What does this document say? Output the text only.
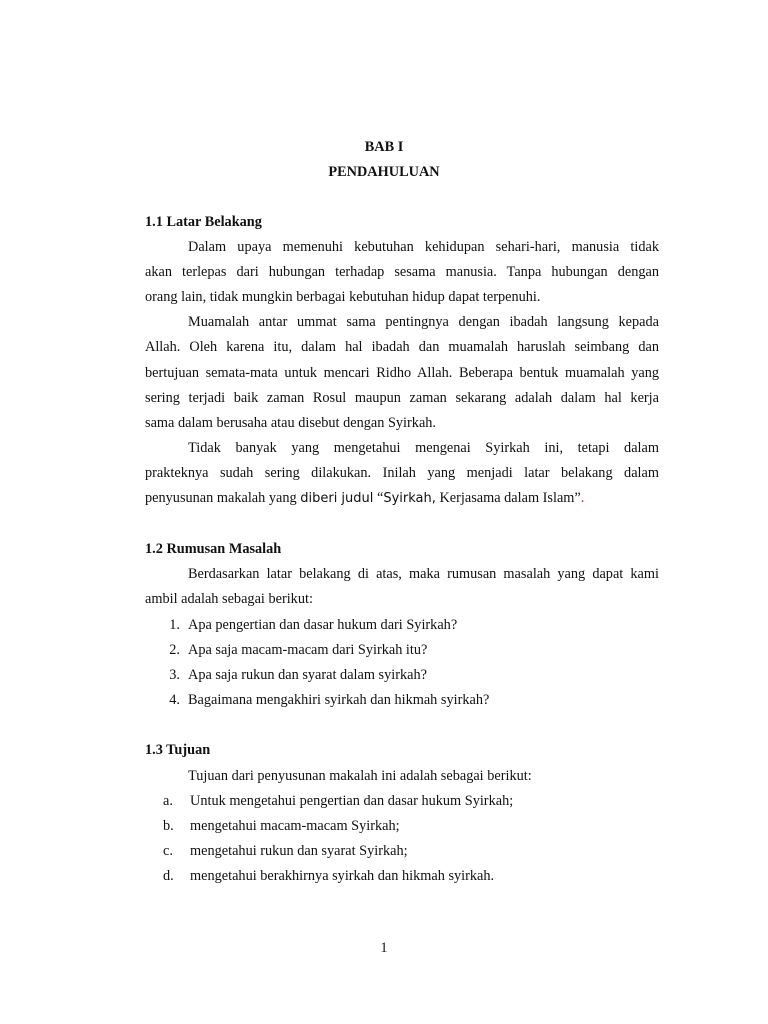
BAB I

PENDAHULUAN

1.1 Latar Belakang

Dalam upaya memenuhi kebutuhan kehidupan sehari-hari, manusia tidak

akan terlepas dari hubungan terhadap sesama manusia. Tanpa hubungan dengan

orang lain, tidak mungkin berbagai kebutuhan hidup dapat terpenuhi.

Muamalah antar ummat sama pentingnya dengan ibadah langsung kepada

Allah. Oleh karena itu, dalam hal ibadah dan muamalah haruslah seimbang dan

bertujuan semata-mata untuk mencari Ridho Allah. Beberapa bentuk muamalah yang

sering terjadi baik zaman Rosul maupun zaman sekarang adalah dalam hal kerja

sama dalam berusaha atau disebut dengan Syirkah.

Tidak banyak yang mengetahui mengenai Syirkah ini, tetapi dalam

prakteknya sudah sering dilakukan. Inilah yang menjadi latar belakang dalam

penyusunan makalah yang diberi judul “Syirkah, Kerjasama dalam Islam”.

1.2 Rumusan Masalah

Berdasarkan latar belakang di atas, maka rumusan masalah yang dapat kami

ambil adalah sebagai berikut:

1. Apa pengertian dan dasar hukum dari Syirkah?

2. Apa saja macam-macam dari Syirkah itu?

3. Apa saja rukun dan syarat dalam syirkah?

4. Bagaimana mengakhiri syirkah dan hikmah syirkah?

1.3 Tujuan

Tujuan dari penyusunan makalah ini adalah sebagai berikut:

a. Untuk mengetahui pengertian dan dasar hukum Syirkah;

b. mengetahui macam-macam Syirkah;

c. mengetahui rukun dan syarat Syirkah;

d. mengetahui berakhirnya syirkah dan hikmah syirkah.

1
